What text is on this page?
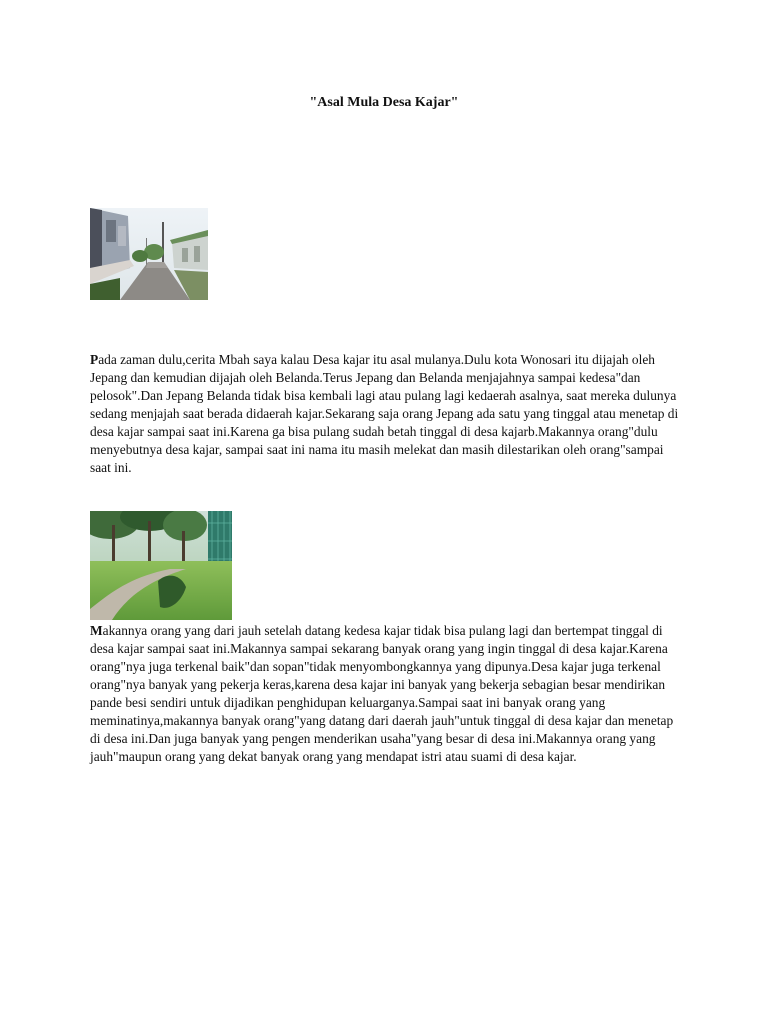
"Asal Mula Desa Kajar"

Pada zaman dulu,cerita Mbah saya kalau Desa kajar itu asal mulanya.Dulu kota Wonosari itu dijajah oleh Jepang dan kemudian dijajah oleh Belanda.Terus Jepang dan Belanda menjajahnya sampai kedesa"dan pelosok".Dan Jepang Belanda tidak bisa kembali lagi atau pulang lagi kedaerah asalnya, saat mereka dulunya sedang menjajah saat berada didaerah kajar.Sekarang saja orang Jepang ada satu yang tinggal atau menetap di desa kajar sampai saat ini.Karena ga bisa pulang sudah betah tinggal di desa kajarb.Makannya orang"dulu menyebutnya desa kajar, sampai saat ini nama itu masih melekat dan masih dilestarikan oleh orang"sampai saat ini.

Makannya orang yang dari jauh setelah datang kedesa kajar tidak bisa pulang lagi dan bertempat tinggal di desa kajar sampai saat ini.Makannya sampai sekarang banyak orang yang ingin tinggal di desa kajar.Karena orang"nya juga terkenal baik"dan sopan"tidak menyombongkannya yang dipunya.Desa kajar juga terkenal orang"nya banyak yang pekerja keras,karena desa kajar ini banyak yang bekerja sebagian besar mendirikan pande besi sendiri untuk dijadikan penghidupan keluarganya.Sampai saat ini banyak orang yang meminatinya,makannya banyak orang"yang datang dari daerah jauh"untuk tinggal di desa kajar dan menetap di desa ini.Dan juga banyak yang pengen menderikan usaha"yang besar di desa ini.Makannya orang yang jauh"maupun orang yang dekat banyak orang yang mendapat istri atau suami di desa kajar.
